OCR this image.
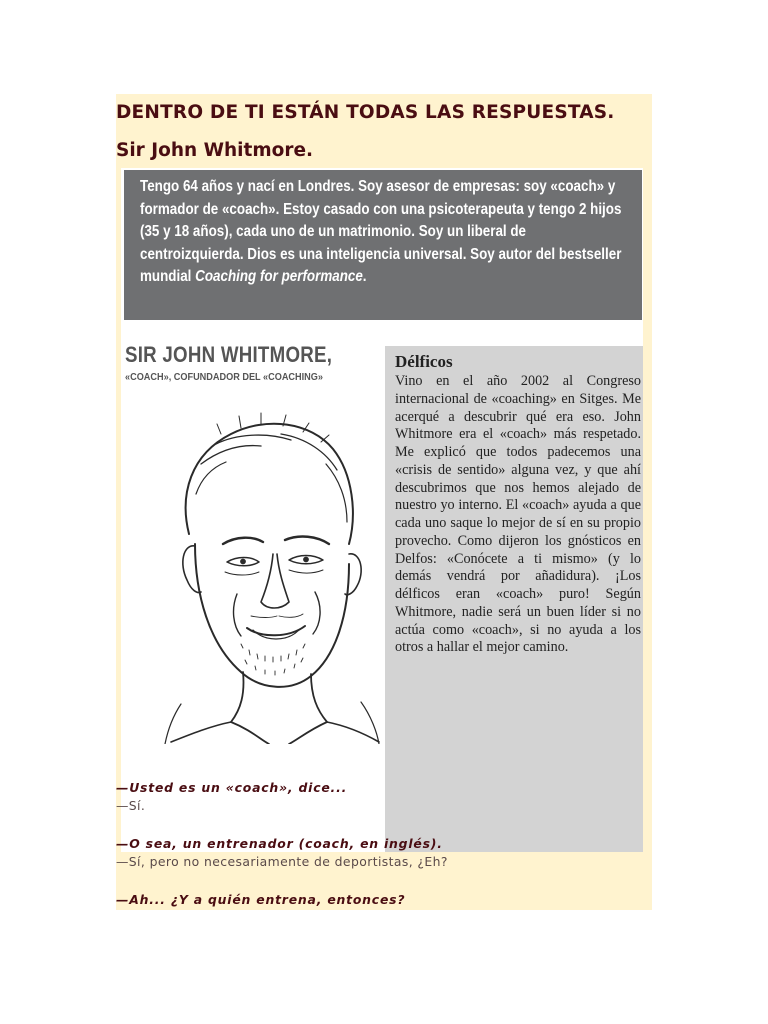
DENTRO DE TI ESTÁN TODAS LAS RESPUESTAS.
Sir John Whitmore.

Tengo 64 años y nací en Londres. Soy asesor de empresas: soy «coach» y formador de «coach». Estoy casado con una psicoterapeuta y tengo 2 hijos (35 y 18 años), cada uno de un matrimonio. Soy un liberal de centroizquierda. Dios es una inteligencia universal. Soy autor del bestseller mundial Coaching for performance.

SIR JOHN WHITMORE,
«COACH», COFUNDADOR DEL «COACHING»
Délficos

Vino en el año 2002 al Congreso internacional de «coaching» en Sitges. Me acerqué a descubrir qué era eso. John Whitmore era el «coach» más respetado. Me explicó que todos padecemos una «crisis de sentido» alguna vez, y que ahí descubrimos que nos hemos alejado de nuestro yo interno. El «coach» ayuda a que cada uno saque lo mejor de sí en su propio provecho. Como dijeron los gnósticos en Delfos: «Conócete a ti mismo» (y lo demás vendrá por añadidura). ¡Los délficos eran «coach» puro! Según Whitmore, nadie será un buen líder si no actúa como «coach», si no ayuda a los otros a hallar el mejor camino.

—Usted es un «coach», dice...
—Sí.
—O sea, un entrenador (coach, en inglés).
—Sí, pero no necesariamente de deportistas, ¿Eh?
—Ah... ¿Y a quién entrena, entonces?
